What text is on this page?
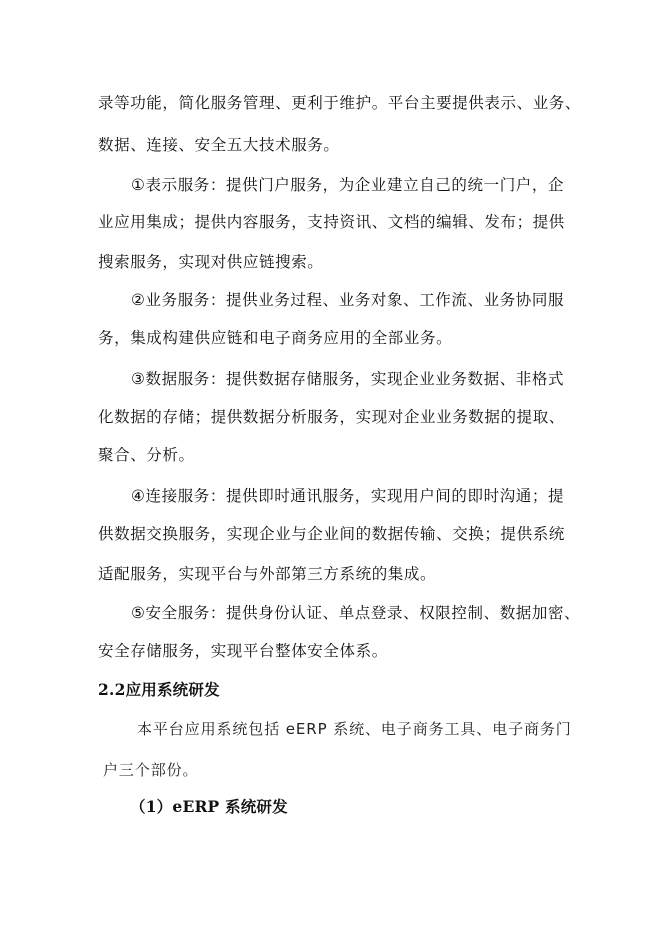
录等功能，简化服务管理、更利于维护。平台主要提供表示、业务、
数据、连接、安全五大技术服务。
①表示服务：提供门户服务，为企业建立自己的统一门户，企
业应用集成；提供内容服务，支持资讯、文档的编辑、发布；提供
搜索服务，实现对供应链搜索。
②业务服务：提供业务过程、业务对象、工作流、业务协同服
务，集成构建供应链和电子商务应用的全部业务。
③数据服务：提供数据存储服务，实现企业业务数据、非格式
化数据的存储；提供数据分析服务，实现对企业业务数据的提取、
聚合、分析。
④连接服务：提供即时通讯服务，实现用户间的即时沟通；提
供数据交换服务，实现企业与企业间的数据传输、交换；提供系统
适配服务，实现平台与外部第三方系统的集成。
⑤安全服务：提供身份认证、单点登录、权限控制、数据加密、
安全存储服务，实现平台整体安全体系。
2.2应用系统研发
本平台应用系统包括 eERP 系统、电子商务工具、电子商务门
户三个部份。
（1）eERP 系统研发
